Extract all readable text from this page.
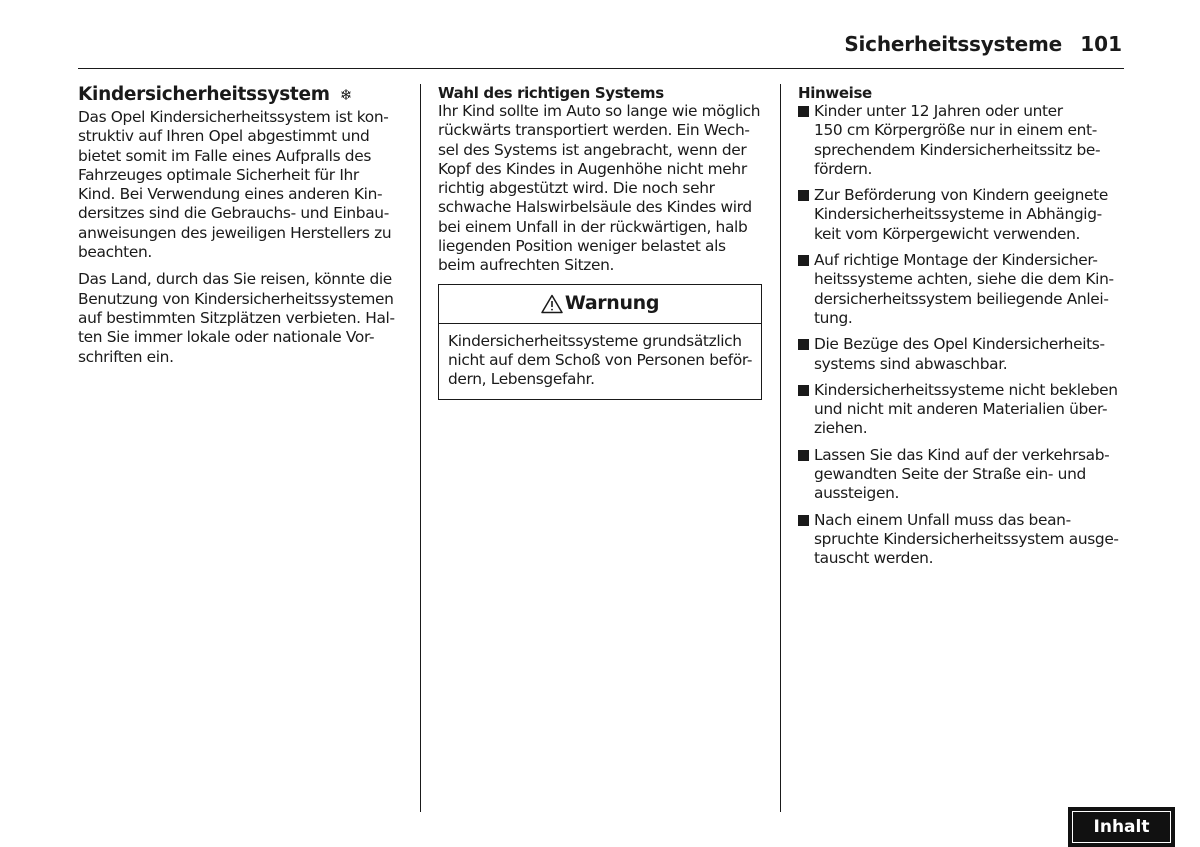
Sicherheitssysteme 101
Kindersicherheitssystem ❄

Das Opel Kindersicherheitssystem ist kon-
struktiv auf Ihren Opel abgestimmt und
bietet somit im Falle eines Aufpralls des
Fahrzeuges optimale Sicherheit für Ihr
Kind. Bei Verwendung eines anderen Kin-
dersitzes sind die Gebrauchs- und Einbau-
anweisungen des jeweiligen Herstellers zu
beachten.

Das Land, durch das Sie reisen, könnte die
Benutzung von Kindersicherheitssystemen
auf bestimmten Sitzplätzen verbieten. Hal-
ten Sie immer lokale oder nationale Vor-
schriften ein.

Wahl des richtigen Systems

Ihr Kind sollte im Auto so lange wie möglich
rückwärts transportiert werden. Ein Wech-
sel des Systems ist angebracht, wenn der
Kopf des Kindes in Augenhöhe nicht mehr
richtig abgestützt wird. Die noch sehr
schwache Halswirbelsäule des Kindes wird
bei einem Unfall in der rückwärtigen, halb
liegenden Position weniger belastet als
beim aufrechten Sitzen.

Warnung
Kindersicherheitssysteme grundsätzlich
nicht auf dem Schoß von Personen beför-
dern, Lebensgefahr.
Hinweise
Kinder unter 12 Jahren oder unter
150 cm Körpergröße nur in einem ent-
sprechendem Kindersicherheitssitz be-
fördern.
Zur Beförderung von Kindern geeignete
Kindersicherheitssysteme in Abhängig-
keit vom Körpergewicht verwenden.
Auf richtige Montage der Kindersicher-
heitssysteme achten, siehe die dem Kin-
dersicherheitssystem beiliegende Anlei-
tung.
Die Bezüge des Opel Kindersicherheits-
systems sind abwaschbar.
Kindersicherheitssysteme nicht bekleben
und nicht mit anderen Materialien über-
ziehen.
Lassen Sie das Kind auf der verkehrsab-
gewandten Seite der Straße ein- und
aussteigen.
Nach einem Unfall muss das bean-
spruchte Kindersicherheitssystem ausge-
tauscht werden.
Inhalt
